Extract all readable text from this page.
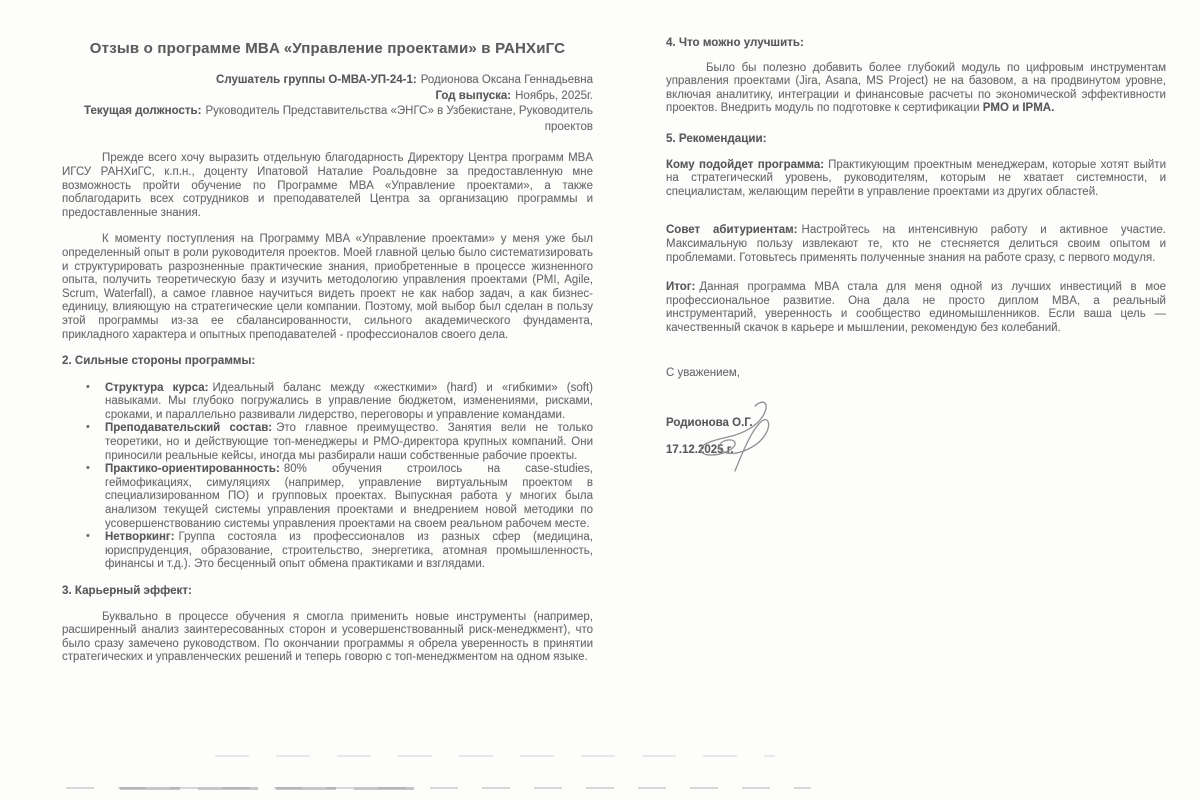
Отзыв о программе MBA «Управление проектами» в РАНХиГС
Слушатель группы О-МВА-УП-24-1: Родионова Оксана Геннадьевна
Год выпуска: Ноябрь, 2025г.
Текущая должность: Руководитель Представительства «ЭНГС» в Узбекистане, Руководитель проектов

Прежде всего хочу выразить отдельную благодарность Директору Центра программ MBA ИГСУ РАНХиГС, к.п.н., доценту Ипатовой Наталие Роальдовне за предоставленную мне возможность пройти обучение по Программе MBA «Управление проектами», а также поблагодарить всех сотрудников и преподавателей Центра за организацию программы и предоставленные знания.

К моменту поступления на Программу MBA «Управление проектами» у меня уже был определенный опыт в роли руководителя проектов. Моей главной целью было систематизировать и структурировать разрозненные практические знания, приобретенные в процессе жизненного опыта, получить теоретическую базу и изучить методологию управления проектами (PMI, Agile, Scrum, Waterfall), а самое главное научиться видеть проект не как набор задач, а как бизнес-единицу, влияющую на стратегические цели компании. Поэтому, мой выбор был сделан в пользу этой программы из-за ее сбалансированности, сильного академического фундамента, прикладного характера и опытных преподавателей - профессионалов своего дела.

2. Сильные стороны программы:
• Структура курса: Идеальный баланс между «жесткими» (hard) и «гибкими» (soft) навыками. Мы глубоко погружались в управление бюджетом, изменениями, рисками, сроками, и параллельно развивали лидерство, переговоры и управление командами.
• Преподавательский состав: Это главное преимущество. Занятия вели не только теоретики, но и действующие топ-менеджеры и PMO-директора крупных компаний. Они приносили реальные кейсы, иногда мы разбирали наши собственные рабочие проекты.
• Практико-ориентированность: 80% обучения строилось на case-studies, геймофикациях, симуляциях (например, управление виртуальным проектом в специализированном ПО) и групповых проектах. Выпускная работа у многих была анализом текущей системы управления проектами и внедрением новой методики по усовершенствованию системы управления проектами на своем реальном рабочем месте.
• Нетворкинг: Группа состояла из профессионалов из разных сфер (медицина, юриспруденция, образование, строительство, энергетика, атомная промышленность, финансы и т.д.). Это бесценный опыт обмена практиками и взглядами.
3. Карьерный эффект:

Буквально в процессе обучения я смогла применить новые инструменты (например, расширенный анализ заинтересованных сторон и усовершенствованный риск-менеджмент), что было сразу замечено руководством. По окончании программы я обрела уверенность в принятии стратегических и управленческих решений и теперь говорю с топ-менеджментом на одном языке.

4. Что можно улучшить:

Было бы полезно добавить более глубокий модуль по цифровым инструментам управления проектами (Jira, Asana, MS Project) не на базовом, а на продвинутом уровне, включая аналитику, интеграции и финансовые расчеты по экономической эффективности проектов. Внедрить модуль по подготовке к сертификации PMO и IPMA.

5. Рекомендации:

Кому подойдет программа: Практикующим проектным менеджерам, которые хотят выйти на стратегический уровень, руководителям, которым не хватает системности, и специалистам, желающим перейти в управление проектами из других областей.

Совет абитуриентам: Настройтесь на интенсивную работу и активное участие. Максимальную пользу извлекают те, кто не стесняется делиться своим опытом и проблемами. Готовьтесь применять полученные знания на работе сразу, с первого модуля.

Итог: Данная программа MBA стала для меня одной из лучших инвестиций в мое профессиональное развитие. Она дала не просто диплом MBA, а реальный инструментарий, уверенность и сообщество единомышленников. Если ваша цель — качественный скачок в карьере и мышлении, рекомендую без колебаний.

С уважением,
Родионова О.Г.
17.12.2025 г.
